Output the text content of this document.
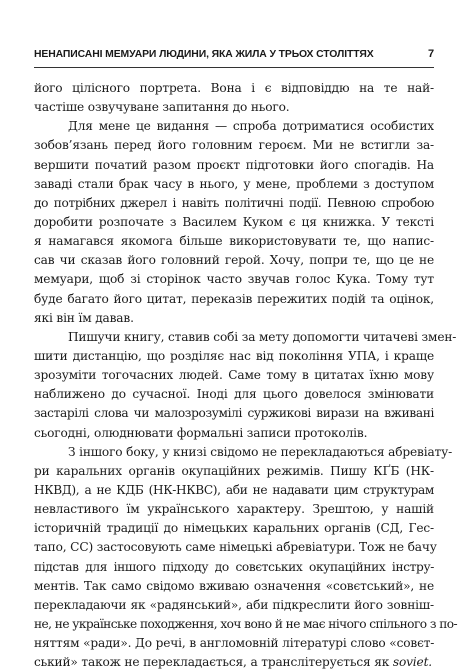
НЕНАПИСАНІ МЕМУАРИ ЛЮДИНИ, ЯКА ЖИЛА У ТРЬОХ СТОЛІТТЯХ	7
його цілісного портрета. Вона і є відповіддю на те най-
частіше озвучуване запитання до нього.
Для мене це видання — спроба дотриматися особистих
зобов’язань перед його головним героєм. Ми не встигли за-
вершити почaтий разом проєкт підготовки його спогадів. На
заваді стали брак часу в нього, у мене, проблеми з доступом
до потрібних джерел і навіть політичні події. Певною спробою
доробити розпочате з Василем Куком є ця книжка. У тексті
я намагався якомога більше використовувати те, що напис-
сав чи сказав його головний герой. Хочу, попри те, що це не
мемуари, щоб зі сторінок часто звучав голос Кука. Тому тут
буде багато його цитат, переказів пережитих подій та оцінок,
які він їм давав.
Пишучи книгу, ставив собі за мету допомогти читачеві змен-
шити дистанцію, що розділяє нас від покоління УПА, і краще
зрозуміти тогочасних людей. Саме тому в цитатах їхню мову
наближено до сучасної. Іноді для цього довелося змінювати
застарілі слова чи малозрозумілі суржикові вирази на вживані
сьогодні, олюднювати формальні записи протоколів.
З іншого боку, у книзі свідомо не перекладаються абревіату-
ри каральних органів окупаційних режимів. Пишу КҐБ (НК-
НКВД), а не КДБ (НК-НКВС), аби не надавати цим структурам
невластивого їм українського характеру. Зрештою, у нашій
історичній традиції до німецьких каральних органів (СД, Гес-
тапо, СС) застосовують саме німецькі абревіатури. Тож не бачу
підстав для іншого підходу до совєтських окупаційних інстру-
ментів. Так само свідомо вживаю означення «совєтський», не
перекладаючи як «радянський», аби підкреслити його зовніш-
не, не українське походження, хоч воно й не має нічого спільного з по-
няттям «ради». До речі, в англомовній літературі слово «совєт-
ський» також не перекладається, а транслітерується як soviet.
